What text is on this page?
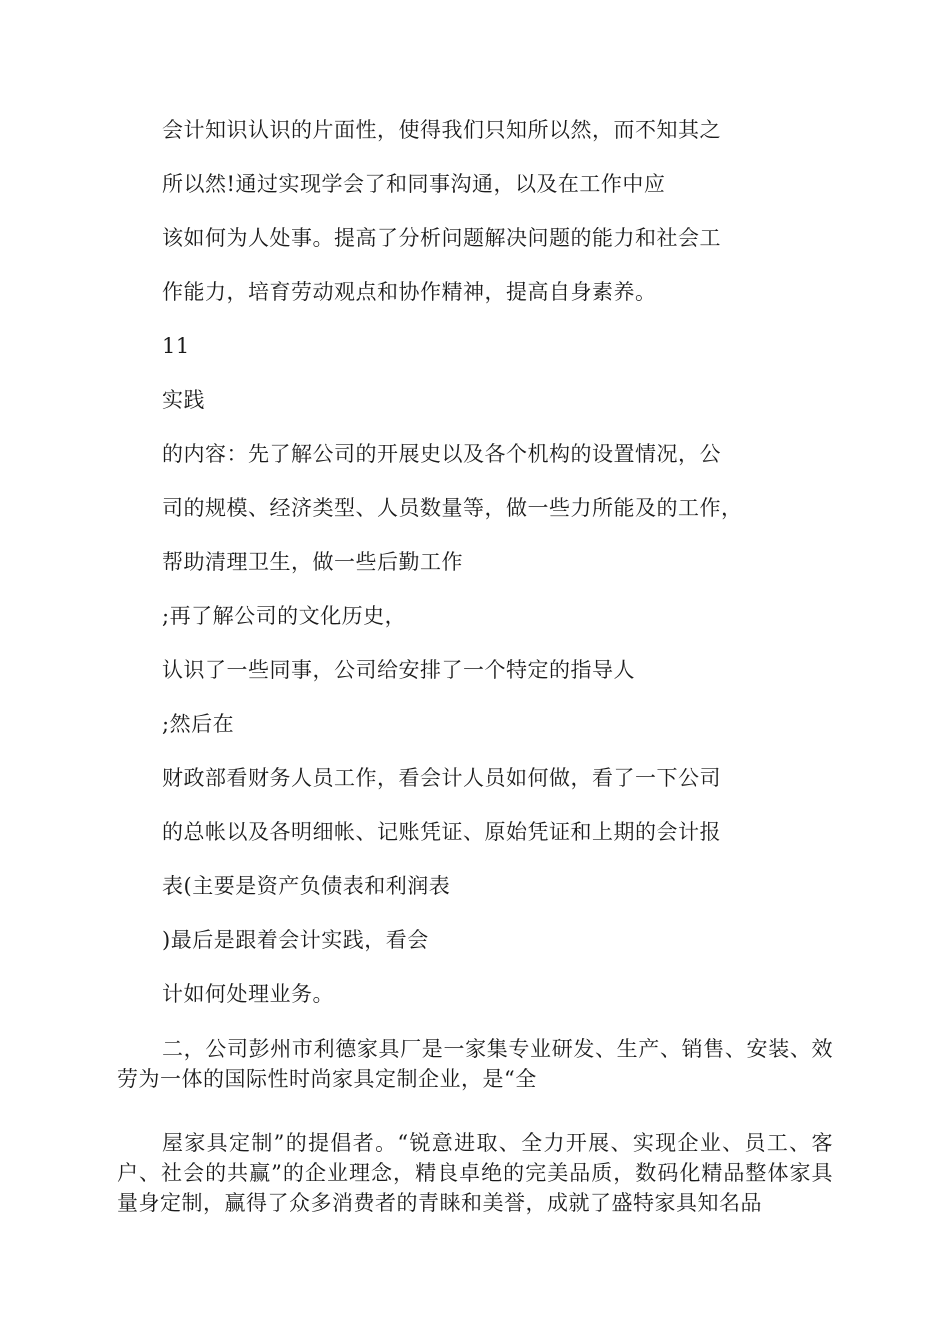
会计知识认识的片面性，使得我们只知所以然，而不知其之
所以然!通过实现学会了和同事沟通，以及在工作中应
该如何为人处事。提高了分析问题解决问题的能力和社会工
作能力，培育劳动观点和协作精神，提高自身素养。
11
实践
的内容：先了解公司的开展史以及各个机构的设置情况，公
司的规模、经济类型、人员数量等，做一些力所能及的工作，
帮助清理卫生，做一些后勤工作
;再了解公司的文化历史，
认识了一些同事，公司给安排了一个特定的指导人
;然后在
财政部看财务人员工作，看会计人员如何做，看了一下公司
的总帐以及各明细帐、记账凭证、原始凭证和上期的会计报
表(主要是资产负债表和利润表
)最后是跟着会计实践，看会
计如何处理业务。
二，公司彭州市利德家具厂是一家集专业研发、生产、销售、安装、效劳为一体的国际性时尚家具定制企业，是“全
屋家具定制”的提倡者。“锐意进取、全力开展、实现企业、员工、客户、社会的共赢”的企业理念，精良卓绝的完美品质，数码化精品整体家具量身定制，赢得了众多消费者的青睐和美誉，成就了盛特家具知名品
